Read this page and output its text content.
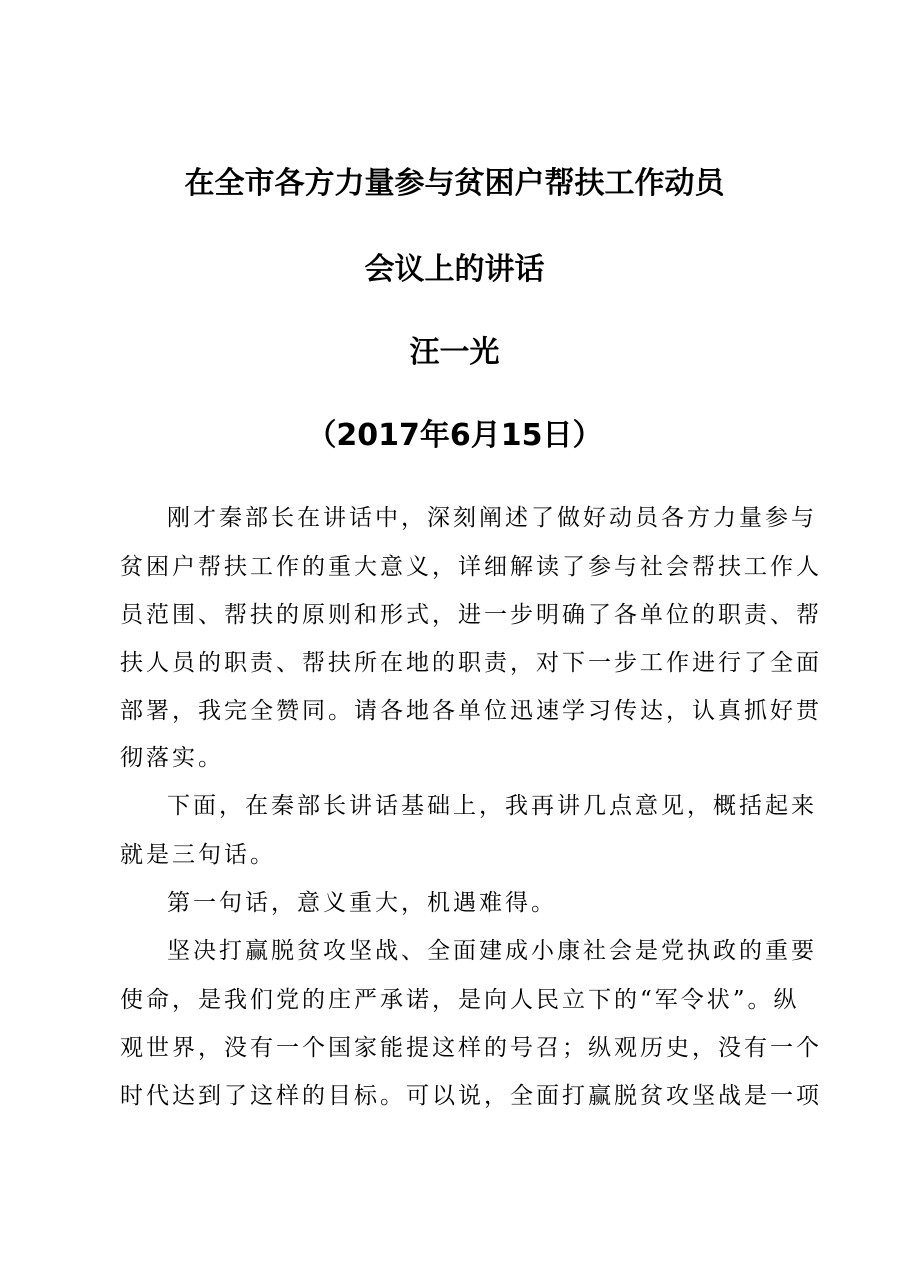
在全市各方力量参与贫困户帮扶工作动员
会议上的讲话
汪一光
（2017年6月15日）
刚才秦部长在讲话中，深刻阐述了做好动员各方力量参与
贫困户帮扶工作的重大意义，详细解读了参与社会帮扶工作人
员范围、帮扶的原则和形式，进一步明确了各单位的职责、帮
扶人员的职责、帮扶所在地的职责，对下一步工作进行了全面
部署，我完全赞同。请各地各单位迅速学习传达，认真抓好贯
彻落实。
下面，在秦部长讲话基础上，我再讲几点意见，概括起来
就是三句话。
第一句话，意义重大，机遇难得。
坚决打赢脱贫攻坚战、全面建成小康社会是党执政的重要
使命，是我们党的庄严承诺，是向人民立下的“军令状”。纵
观世界，没有一个国家能提这样的号召；纵观历史，没有一个
时代达到了这样的目标。可以说，全面打赢脱贫攻坚战是一项
